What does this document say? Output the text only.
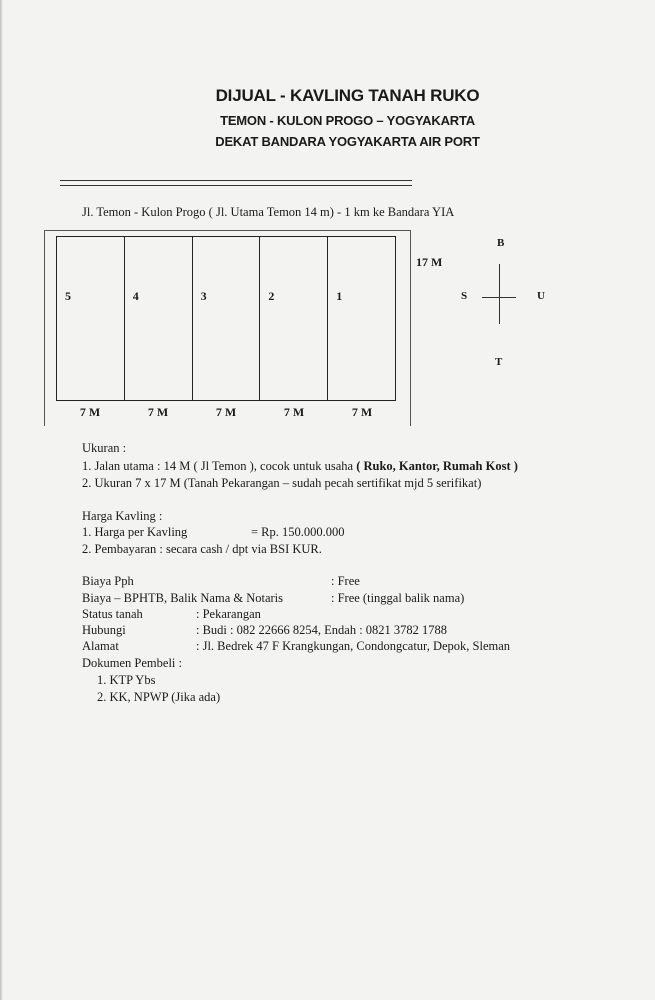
DIJUAL - KAVLING TANAH RUKO
TEMON - KULON PROGO – YOGYAKARTA
DEKAT BANDARA YOGYAKARTA AIR PORT
Jl. Temon - Kulon Progo ( Jl. Utama Temon 14 m) - 1 km ke Bandara YIA
5	4	3	2	1
17 M
7 M	7 M	7 M	7 M	7 M
B
S	U
T
Ukuran :
1. Jalan utama : 14 M ( Jl Temon ), cocok untuk usaha ( Ruko, Kantor, Rumah Kost )
2. Ukuran 7 x 17 M (Tanah Pekarangan – sudah pecah sertifikat mjd 5 serifikat)
Harga Kavling :
1. Harga per Kavling	= Rp. 150.000.000
2. Pembayaran : secara cash / dpt via BSI KUR.
Biaya Pph	: Free
Biaya – BPHTB, Balik Nama & Notaris	: Free (tinggal balik nama)
Status tanah	: Pekarangan
Hubungi	: Budi : 082 22666 8254, Endah : 0821 3782 1788
Alamat	: Jl. Bedrek 47 F Krangkungan, Condongcatur, Depok, Sleman
Dokumen Pembeli :
1. KTP Ybs
2. KK, NPWP (Jika ada)
